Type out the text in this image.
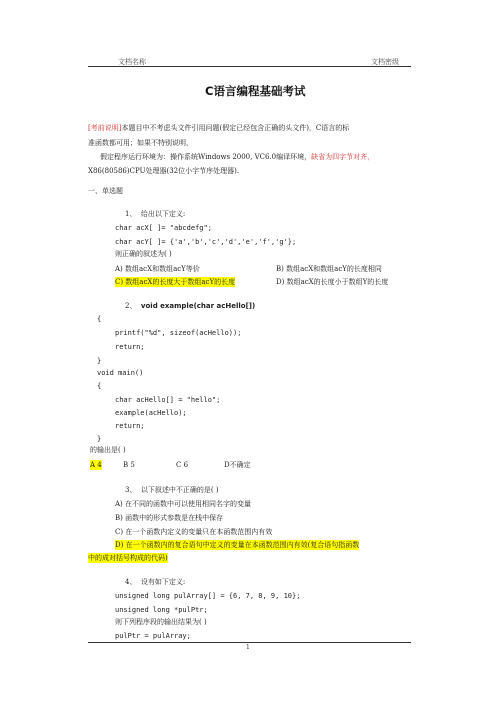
文档名称	文档密级
C语言编程基础考试
[考前说明]本题目中不考虑头文件引用问题(假定已经包含正确的头文件)，C语言的标
准函数都可用；如果不特别说明，
假定程序运行环境为：操作系统Windows 2000, VC6.0编译环境，缺省为四字节对齐，
X86(80586)CPU处理器(32位小字节序处理器).
一、单选题
1、 给出以下定义:
char acX[ ]= "abcdefg";
char acY[ ]= {'a','b','c','d','e','f','g'};
则正确的叙述为( )
A) 数组acX和数组acY等价	B) 数组acX和数组acY的长度相同
C) 数组acX的长度大于数组acY的长度	D) 数组acX的长度小于数组Y的长度
2、 void example(char acHello[])
{
printf("%d", sizeof(acHello));
return;
}
void main()
{
char acHello[] = "hello";
example(acHello);
return;
}
的输出是( )
A 4	B 5	C 6	D不确定
3、 以下叙述中不正确的是( )
A) 在不同的函数中可以使用相同名字的变量
B) 函数中的形式参数是在栈中保存
C) 在一个函数内定义的变量只在本函数范围内有效
D) 在一个函数内的复合语句中定义的变量在本函数范围内有效(复合语句指函数
中的成对括号构成的代码)
4、 设有如下定义:
unsigned long pulArray[] = {6, 7, 8, 9, 10};
unsigned long *pulPtr;
则下列程序段的输出结果为( )
pulPtr = pulArray;
1
